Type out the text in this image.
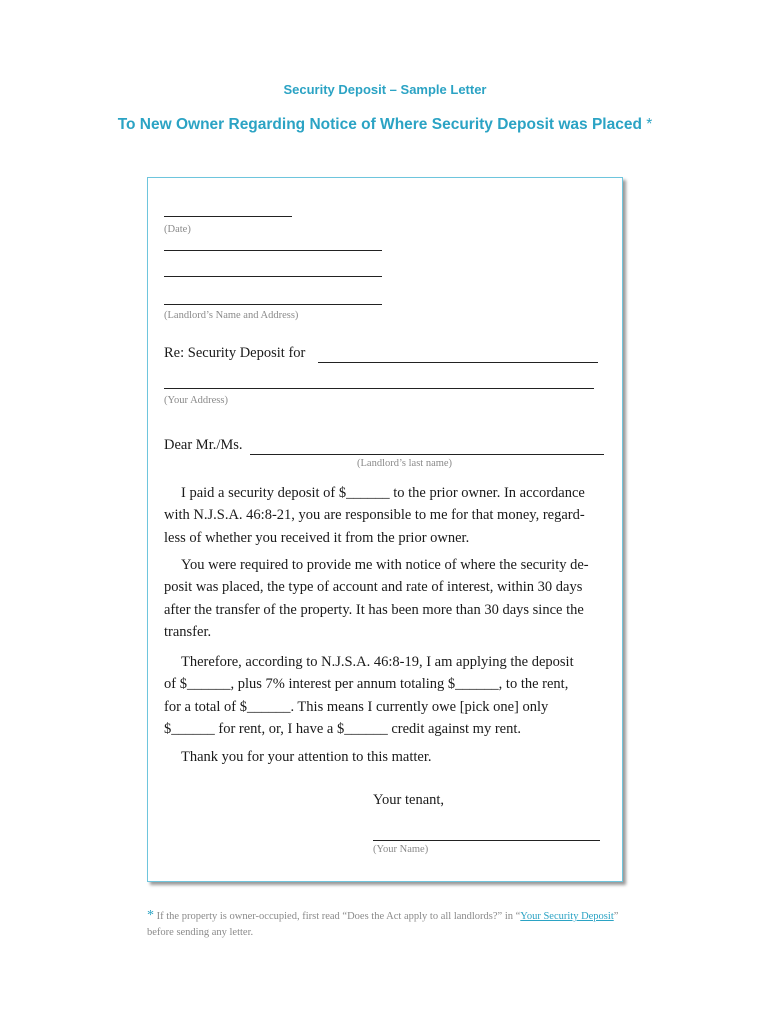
Security Deposit – Sample Letter
To New Owner Regarding Notice of Where Security Deposit was Placed *
(Date)
(Landlord’s Name and Address)
Re: Security Deposit for
(Your Address)
Dear Mr./Ms.
(Landlord’s last name)
I paid a security deposit of $______ to the prior owner. In accordance
with N.J.S.A. 46:8-21, you are responsible to me for that money, regard-
less of whether you received it from the prior owner.
You were required to provide me with notice of where the security de-
posit was placed, the type of account and rate of interest, within 30 days
after the transfer of the property. It has been more than 30 days since the
transfer.
Therefore, according to N.J.S.A. 46:8-19, I am applying the deposit
of $______, plus 7% interest per annum totaling $______, to the rent,
for a total of $______. This means I currently owe [pick one] only
$______ for rent, or, I have a $______ credit against my rent.
Thank you for your attention to this matter.
Your tenant,
(Your Name)
* If the property is owner-occupied, first read “Does the Act apply to all landlords?” in “Your Security Deposit” before sending any letter.
